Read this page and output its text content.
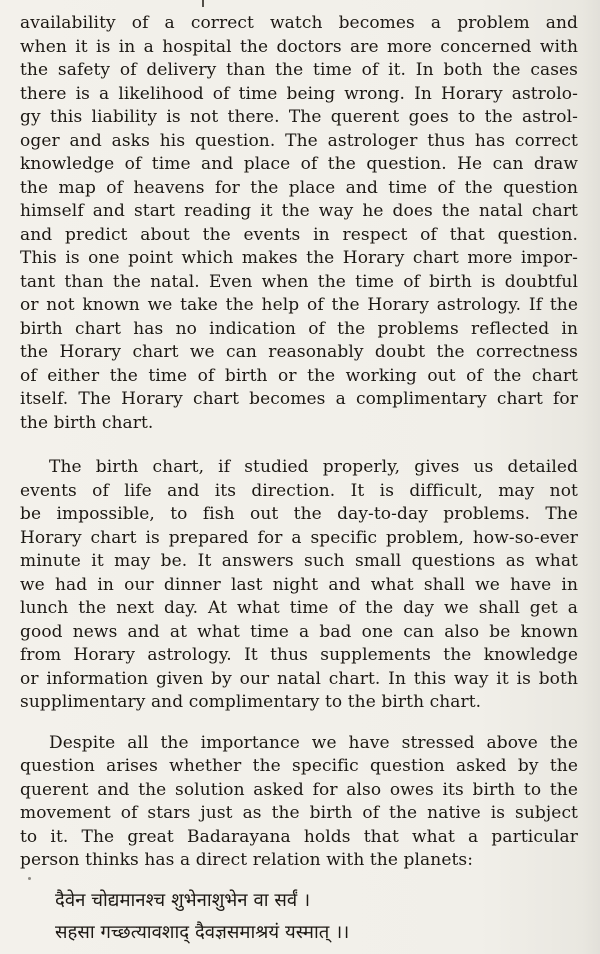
availability of a correct watch becomes a problem and
when it is in a hospital the doctors are more concerned with
the safety of delivery than the time of it. In both the cases
there is a likelihood of time being wrong. In Horary astrolo-
gy this liability is not there. The querent goes to the astrol-
oger and asks his question. The astrologer thus has correct
knowledge of time and place of the question. He can draw
the map of heavens for the place and time of the question
himself and start reading it the way he does the natal chart
and predict about the events in respect of that question.
This is one point which makes the Horary chart more impor-
tant than the natal. Even when the time of birth is doubtful
or not known we take the help of the Horary astrology. If the
birth chart has no indication of the problems reflected in
the Horary chart we can reasonably doubt the correctness
of either the time of birth or the working out of the chart
itself. The Horary chart becomes a complimentary chart for
the birth chart.
The birth chart, if studied properly, gives us detailed
events of life and its direction. It is difficult, may not
be impossible, to fish out the day-to-day problems. The
Horary chart is prepared for a specific problem, how-so-ever
minute it may be. It answers such small questions as what
we had in our dinner last night and what shall we have in
lunch the next day. At what time of the day we shall get a
good news and at what time a bad one can also be known
from Horary astrology. It thus supplements the knowledge
or information given by our natal chart. In this way it is both
supplimentary and complimentary to the birth chart.
Despite all the importance we have stressed above the
question arises whether the specific question asked by the
querent and the solution asked for also owes its birth to the
movement of stars just as the birth of the native is subject
to it. The great Badarayana holds that what a particular
person thinks has a direct relation with the planets:
दैवेन चोद्यमानश्च शुभेनाशुभेन वा सर्वं ।
सहसा गच्छत्यावशाद् दैवज्ञसमाश्रयं यस्मात् ।।
